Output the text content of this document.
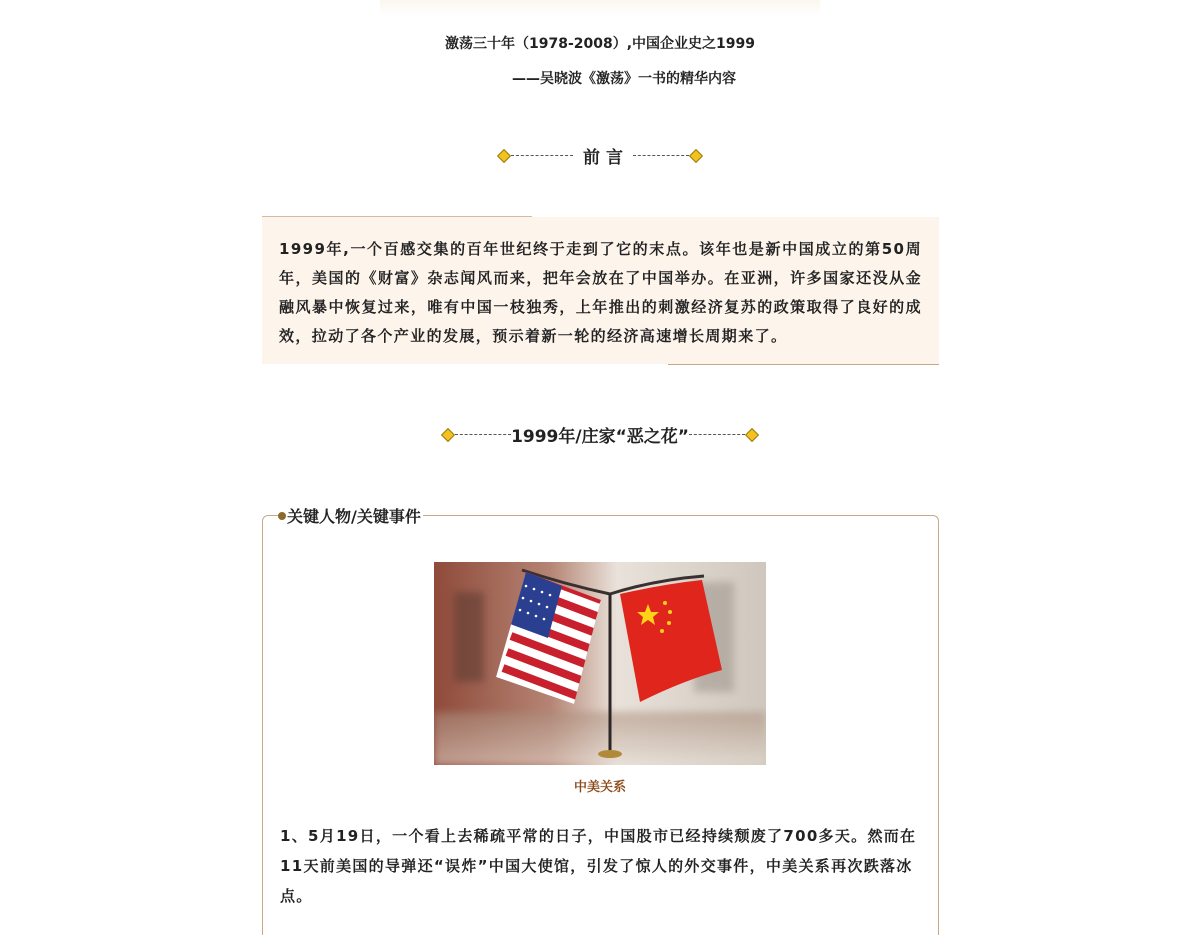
激荡三十年（1978-2008）,中国企业史之1999
——吴晓波《激荡》一书的精华内容
前 言

1999年,一个百感交集的百年世纪终于走到了它的末点。该年也是新中国成立的第50周年，美国的《财富》杂志闻风而来，把年会放在了中国举办。在亚洲，许多国家还没从金融风暴中恢复过来，唯有中国一枝独秀，上年推出的刺激经济复苏的政策取得了良好的成效，拉动了各个产业的发展，预示着新一轮的经济高速增长周期来了。

1999年/庄家“恶之花”
关键人物/关键事件
中美关系

1、5月19日，一个看上去稀疏平常的日子，中国股市已经持续颓废了700多天。然而在11天前美国的导弹还“误炸”中国大使馆，引发了惊人的外交事件，中美关系再次跌落冰点。
